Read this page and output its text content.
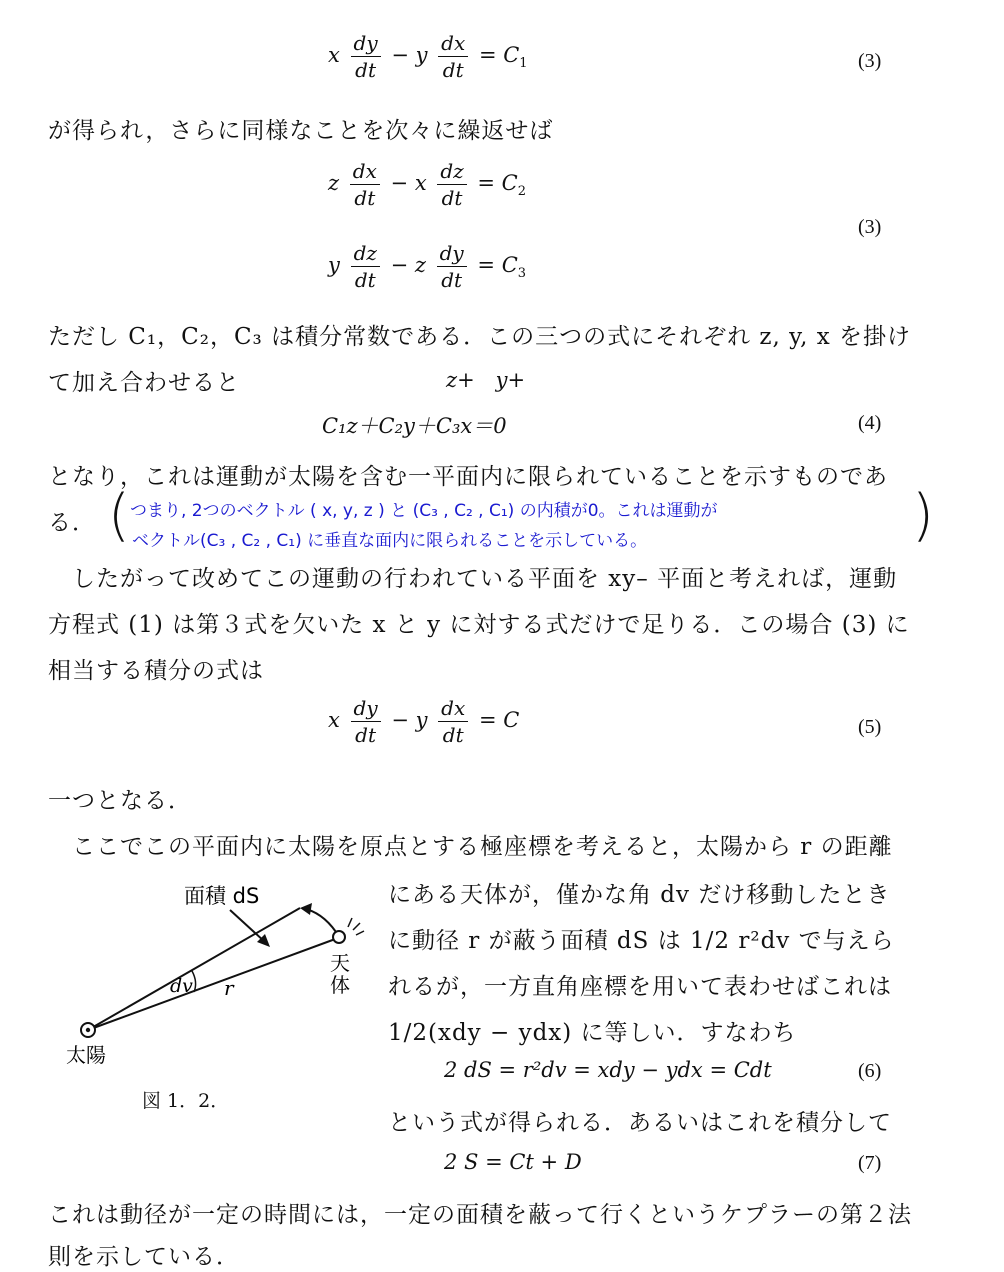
x $\frac{dy}{dt} - y \frac{dx}{dt} = C_1$	(3)
が得られ，さらに同様なことを次々に繰返せば
z $\frac{dx}{dt} - x \frac{dz}{dt} = C_2$
y $\frac{dz}{dt} - z \frac{dy}{dt} = C_3$
(3)
ただし C₁，C₂，C₃ は積分常数である．この三つの式にそれぞれ z, y, x を掛け
て加え合わせると	z+　y+
C₁z＋C₂y＋C₃x＝0	(4)
となり，これは運動が太陽を含む一平面内に限られていることを示すものであ
る． (	)
つまり, 2つのベクトル ( x, y, z ) と (C₃ , C₂ , C₁) の内積が0。これは運動が
ベクトル(C₃ , C₂ , C₁) に垂直な面内に限られることを示している。
したがって改めてこの運動の行われている平面を xy– 平面と考えれば，運動
方程式 (1) は第３式を欠いた x と y に対する式だけで足りる．この場合 (3) に
相当する積分の式は
x $\frac{dy}{dt} - y \frac{dx}{dt} = C$	(5)
一つとなる．
ここでこの平面内に太陽を原点とする極座標を考えると，太陽から r の距離
面積 dS
天
体
dv r
太陽
図 1．2．
にある天体が，僅かな角 dv だけ移動したとき
に動径 r が蔽う面積 dS は 1/2 r²dv で与えら
れるが，一方直角座標を用いて表わせばこれは
1/2(xdy − ydx) に等しい．すなわち
2 dS = r²dv = xdy − ydx = Cdt	(6)
という式が得られる．あるいはこれを積分して
2 S = Ct + D	(7)
これは動径が一定の時間には，一定の面積を蔽って行くというケプラーの第２法
則を示している．
